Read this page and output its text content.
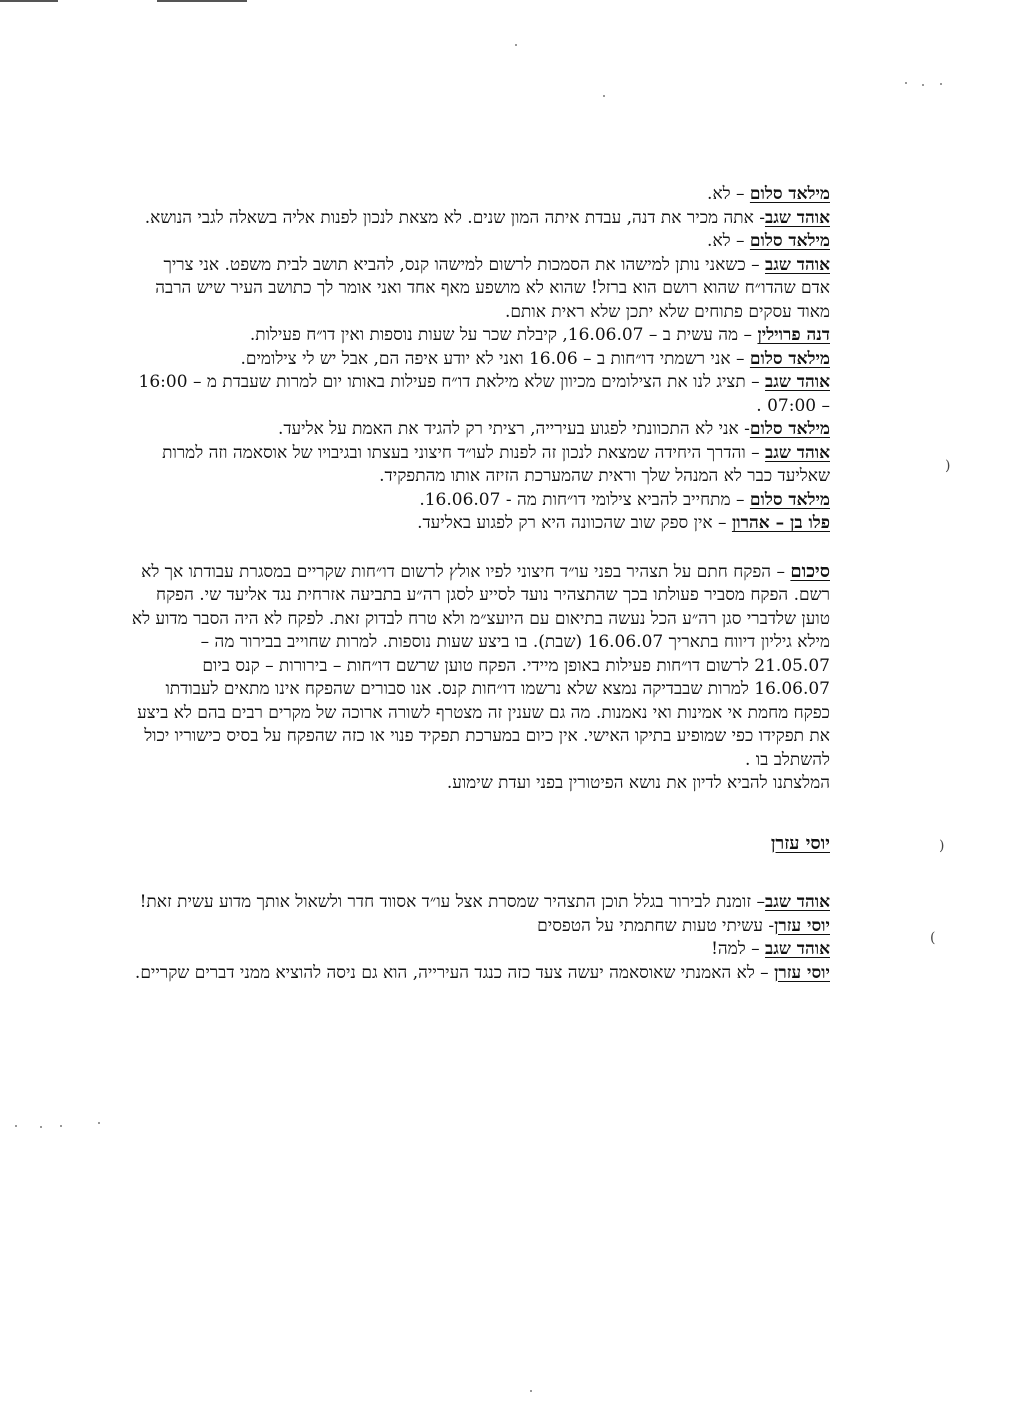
)
)
(

מילאד סלום – לא.

אוהד שגב- אתה מכיר את דנה, עבדת איתה המון שנים. לא מצאת לנכון לפנות אליה בשאלה לגבי הנושא.

מילאד סלום – לא.

אוהד שגב – כשאני נותן למישהו את הסמכות לרשום למישהו קנס, להביא תושב לבית משפט. אני צריך אדם שהדו״ח שהוא רושם הוא ברזל! שהוא לא מושפע מאף אחד ואני אומר לך כתושב העיר שיש הרבה מאוד עסקים פתוחים שלא יתכן שלא ראית אותם.

דנה פרוילין – מה עשית ב – 16.06.07, קיבלת שכר על שעות נוספות ואין דו״ח פעילות.

מילאד סלום – אני רשמתי דו״חות ב – 16.06 ואני לא יודע איפה הם, אבל יש לי צילומים.

אוהד שגב – תציג לנו את הצילומים מכיוון שלא מילאת דו״ח פעילות באותו יום למרות שעבדת מ – 16:00 – 07:00 .

מילאד סלום- אני לא התכוונתי לפגוע בעירייה, רציתי רק להגיד את האמת על אליעד.

אוהד שגב – והדרך היחידה שמצאת לנכון זה לפנות לעו״ד חיצוני בעצתו ובגיבויו של אוסאמה וזה למרות שאליעד כבר לא המנהל שלך וראית שהמערכת הזיזה אותו מהתפקיד.

מילאד סלום – מתחייב להביא צילומי דו״חות מה - 16.06.07.

פלו בן – אהרון – אין ספק שוב שהכוונה היא רק לפגוע באליעד.

סיכום – הפקח חתם על תצהיר בפני עו״ד חיצוני לפיו אולץ לרשום דו״חות שקריים במסגרת עבודתו אך לא רשם. הפקח מסביר פעולתו בכך שהתצהיר נועד לסייע לסגן רה״ע בתביעה אזרחית נגד אליעד שי. הפקח טוען שלדברי סגן רה״ע הכל נעשה בתיאום עם היועצ״מ ולא טרח לבדוק זאת. לפקח לא היה הסבר מדוע לא מילא גיליון דיווח בתאריך 16.06.07 (שבת). בו ביצע שעות נוספות. למרות שחוייב בבירור מה – 21.05.07 לרשום דו״חות פעילות באופן מיידי. הפקח טוען שרשם דו״חות – בירורות – קנס ביום 16.06.07 למרות שבבדיקה נמצא שלא נרשמו דו״חות קנס. אנו סבורים שהפקח אינו מתאים לעבודתו כפקח מחמת אי אמינות ואי נאמנות. מה גם שענין זה מצטרף לשורה ארוכה של מקרים רבים בהם לא ביצע את תפקידו כפי שמופיע בתיקו האישי. אין כיום במערכת תפקיד פנוי או כזה שהפקח על בסיס כישוריו יכול להשתלב בו .

המלצתנו להביא לדיון את נושא הפיטורין בפני ועדת שימוע.

יוסי עזרן

אוהד שגב– זומנת לבירור בגלל תוכן התצהיר שמסרת אצל עו״ד אסווד חדר ולשאול אותך מדוע עשית זאת!

יוסי עזרן- עשיתי טעות שחתמתי על הטפסים

אוהד שגב – למה!

יוסי עזרן – לא האמנתי שאוסאמה יעשה צעד כזה כנגד העירייה, הוא גם ניסה להוציא ממני דברים שקריים.
